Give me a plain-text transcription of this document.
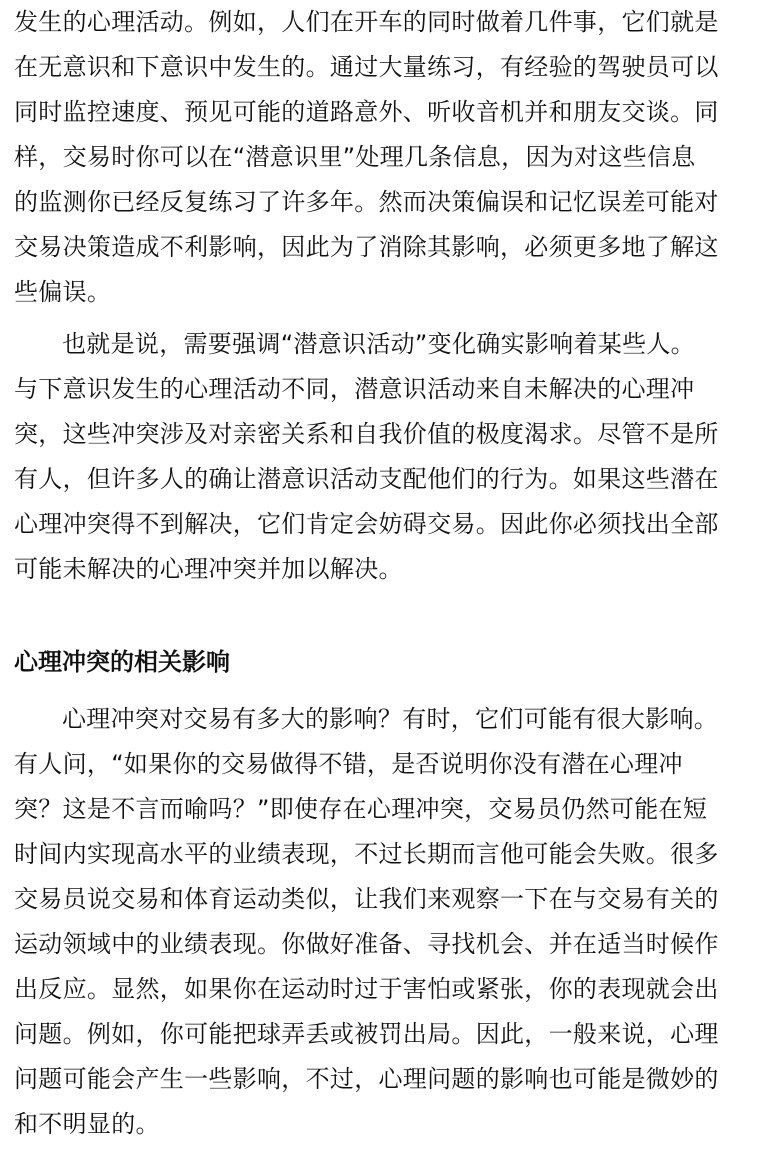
发生的心理活动。例如，人们在开车的同时做着几件事，它们就是
在无意识和下意识中发生的。通过大量练习，有经验的驾驶员可以
同时监控速度、预见可能的道路意外、听收音机并和朋友交谈。同
样，交易时你可以在“潜意识里”处理几条信息，因为对这些信息
的监测你已经反复练习了许多年。然而决策偏误和记忆误差可能对
交易决策造成不利影响，因此为了消除其影响，必须更多地了解这
些偏误。
也就是说，需要强调“潜意识活动”变化确实影响着某些人。
与下意识发生的心理活动不同，潜意识活动来自未解决的心理冲
突，这些冲突涉及对亲密关系和自我价值的极度渴求。尽管不是所
有人，但许多人的确让潜意识活动支配他们的行为。如果这些潜在
心理冲突得不到解决，它们肯定会妨碍交易。因此你必须找出全部
可能未解决的心理冲突并加以解决。
心理冲突的相关影响
心理冲突对交易有多大的影响？有时，它们可能有很大影响。
有人问，“如果你的交易做得不错，是否说明你没有潜在心理冲
突？这是不言而喻吗？”即使存在心理冲突，交易员仍然可能在短
时间内实现高水平的业绩表现，不过长期而言他可能会失败。很多
交易员说交易和体育运动类似，让我们来观察一下在与交易有关的
运动领域中的业绩表现。你做好准备、寻找机会、并在适当时候作
出反应。显然，如果你在运动时过于害怕或紧张，你的表现就会出
问题。例如，你可能把球弄丢或被罚出局。因此，一般来说，心理
问题可能会产生一些影响，不过，心理问题的影响也可能是微妙的
和不明显的。
